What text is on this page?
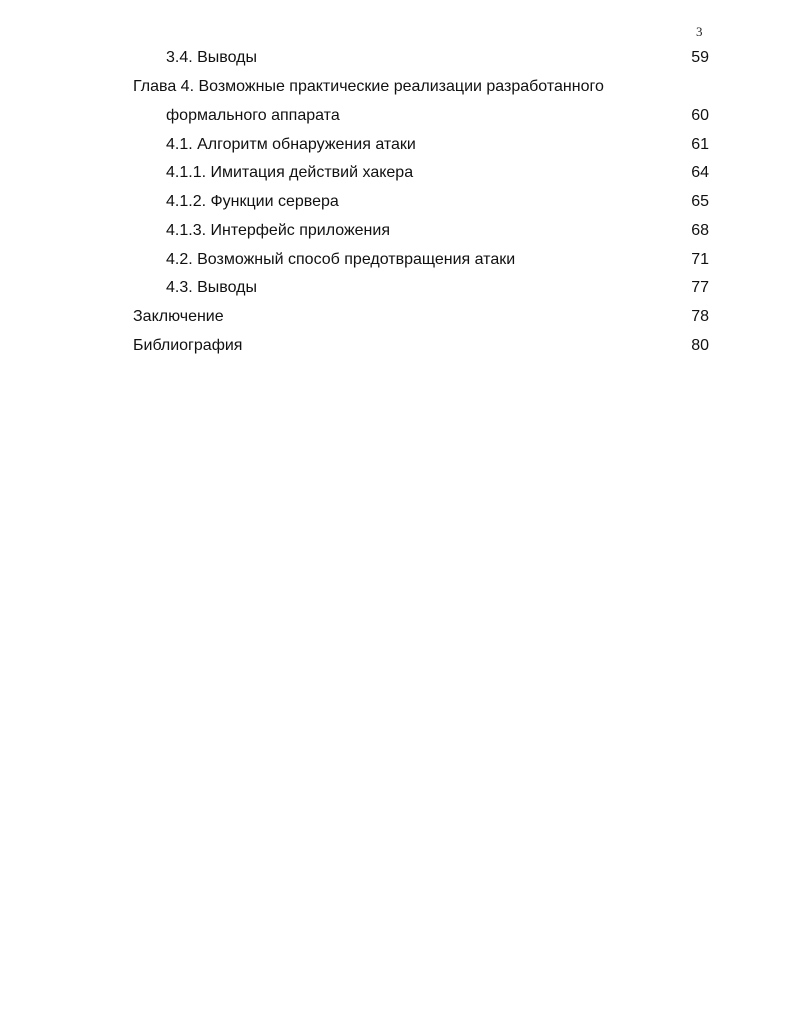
3
3.4. Выводы	59
Глава 4. Возможные практические реализации разработанного
формального аппарата	60
4.1. Алгоритм обнаружения атаки	61
4.1.1. Имитация действий хакера	64
4.1.2. Функции сервера	65
4.1.3. Интерфейс приложения	68
4.2. Возможный способ предотвращения атаки	71
4.3. Выводы	77
Заключение	78
Библиография	80
